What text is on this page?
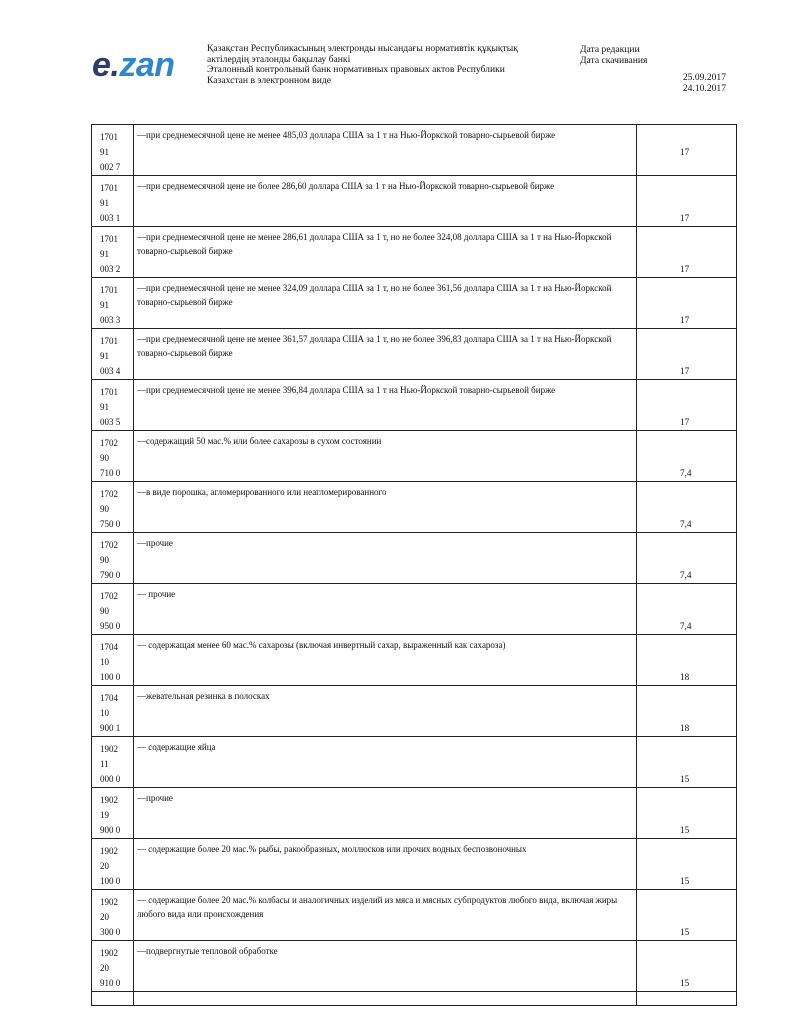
e.zan	Қазақстан Республикасының электронды нысандағы нормативтік құқықтық
актілердің эталонды бақылау банкі
Эталонный контрольный банк нормативных правовых актов Республики
Казахстан в электронном виде
Дата редакции
Дата скачивания
25.09.2017
24.10.2017
1701
91
002 7	—при среднемесячной цене не менее 485,03 доллара США за 1 т на Нью-Йоркской товарно-сырьевой бирже	17

1701
91
003 1	—при среднемесячной цене не более 286,60 доллара США за 1 т на Нью-Йоркской товарно-сырьевой бирже	17

1701
91
003 2	—при среднемесячной цене не менее 286,61 доллара США за 1 т, но не более 324,08 доллара США за 1 т на Нью-Йоркской товарно-сырьевой бирже	17

1701
91
003 3	—при среднемесячной цене не менее 324,09 доллара США за 1 т, но не более 361,56 доллара США за 1 т на Нью-Йоркской товарно-сырьевой бирже	17

1701
91
003 4	—при среднемесячной цене не менее 361,57 доллара США за 1 т, но не более 396,83 доллара США за 1 т на Нью-Йоркской товарно-сырьевой бирже	17

1701
91
003 5	—при среднемесячной цене не менее 396,84 доллара США за 1 т на Нью-Йоркской товарно-сырьевой бирже	17

1702
90
710 0	—содержащий 50 мас.% или более сахарозы в сухом состоянии	7,4

1702
90
750 0	—в виде порошка, агломерированного или неагломерированного	7,4

1702
90
790 0	—прочие	7,4

1702
90
950 0	— прочие	7,4

1704
10
100 0	— содержащая менее 60 мас.% сахарозы (включая инвертный сахар, выраженный как сахароза)	18

1704
10
900 1	—жевательная резинка в полосках	18

1902
11
000 0	— содержащие яйца	15

1902
19
900 0	—прочие	15

1902
20
100 0	— содержащие более 20 мас.% рыбы, ракообразных, моллюсков или прочих водных беспозвоночных	15

1902
20
300 0	— содержащие более 20 мас.% колбасы и аналогичных изделий из мяса и мясных субпродуктов любого вида, включая жиры любого вида или происхождения	15

1902
20
910 0	—подвергнутые тепловой обработке	15
